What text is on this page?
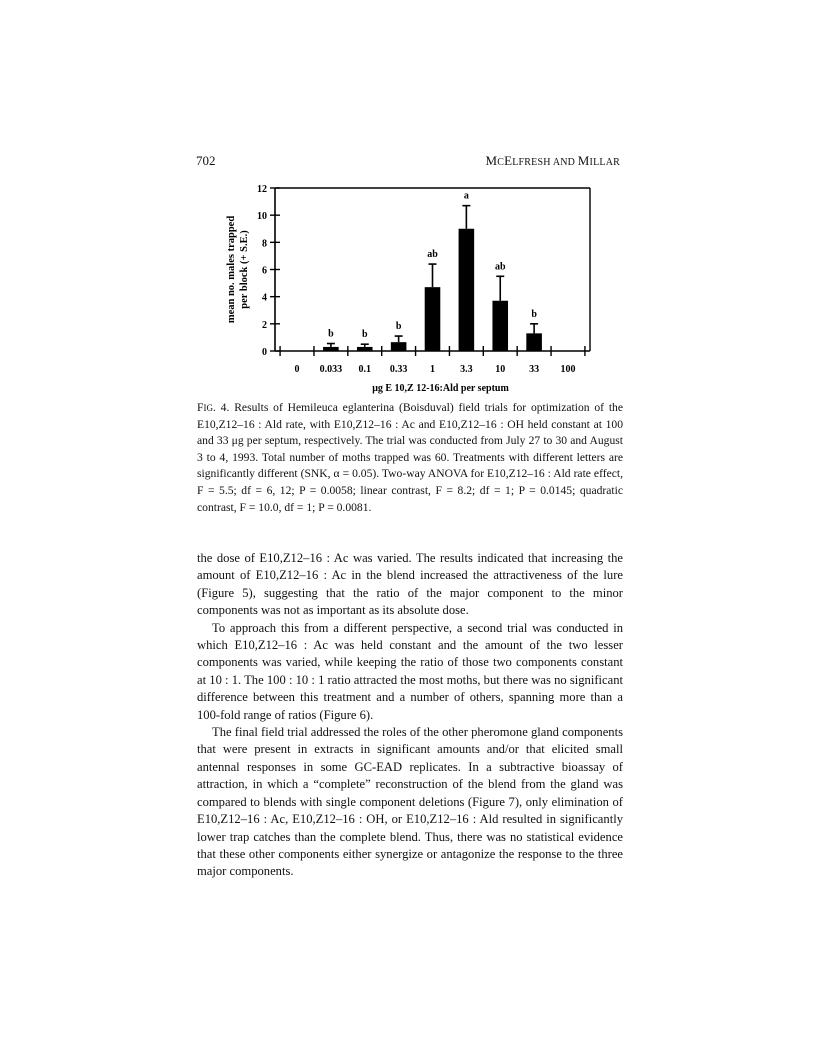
702	MCELFRESH AND MILLAR
0
2
4
6
8
10
12
0
b
0.033
b
0.1
b
0.33
ab
1
a
3.3
ab
10
b
33 100
μg E 10,Z 12-16:Ald per septum
mean no. males trapped per block (+ S.E.)
FIG. 4. Results of Hemileuca eglanterina (Boisduval) field trials for optimization of the E10,Z12–16 : Ald rate, with E10,Z12–16 : Ac and E10,Z12–16 : OH held constant at 100 and 33 μg per septum, respectively. The trial was conducted from July 27 to 30 and August 3 to 4, 1993. Total number of moths trapped was 60. Treatments with different letters are significantly different (SNK, α = 0.05). Two-way ANOVA for E10,Z12–16 : Ald rate effect, F = 5.5; df = 6, 12; P = 0.0058; linear contrast, F = 8.2; df = 1; P = 0.0145; quadratic contrast, F = 10.0, df = 1; P = 0.0081.

the dose of E10,Z12–16 : Ac was varied. The results indicated that increasing the amount of E10,Z12–16 : Ac in the blend increased the attractiveness of the lure (Figure 5), suggesting that the ratio of the major component to the minor components was not as important as its absolute dose.

To approach this from a different perspective, a second trial was conducted in which E10,Z12–16 : Ac was held constant and the amount of the two lesser components was varied, while keeping the ratio of those two components constant at 10 : 1. The 100 : 10 : 1 ratio attracted the most moths, but there was no significant difference between this treatment and a number of others, spanning more than a 100-fold range of ratios (Figure 6).

The final field trial addressed the roles of the other pheromone gland components that were present in extracts in significant amounts and/or that elicited small antennal responses in some GC-EAD replicates. In a subtractive bioassay of attraction, in which a “complete” reconstruction of the blend from the gland was compared to blends with single component deletions (Figure 7), only elimination of E10,Z12–16 : Ac, E10,Z12–16 : OH, or E10,Z12–16 : Ald resulted in significantly lower trap catches than the complete blend. Thus, there was no statistical evidence that these other components either synergize or antagonize the response to the three major components.
